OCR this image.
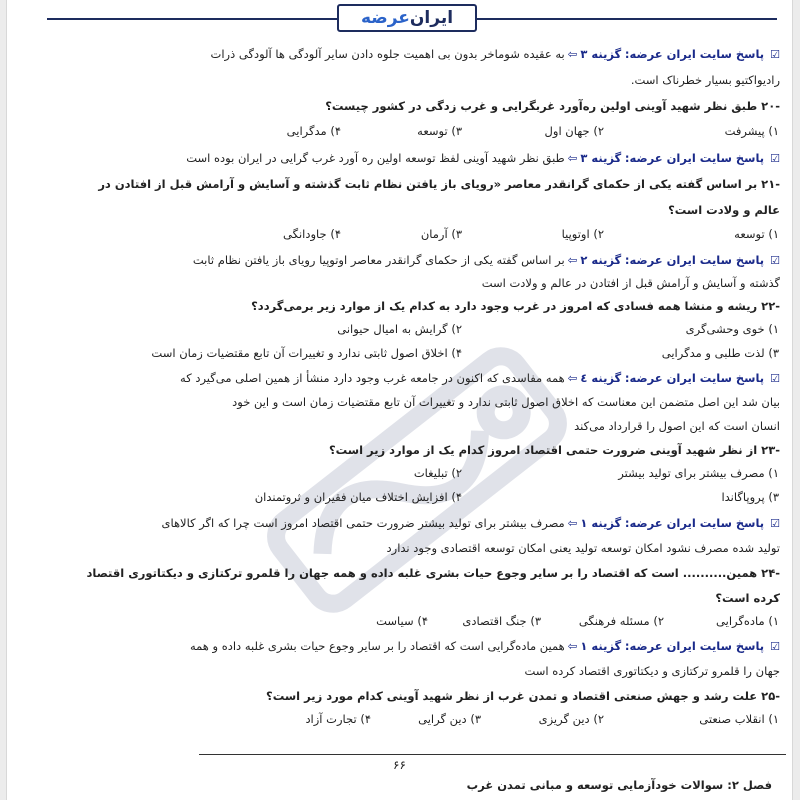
ایران
عرضه
☑پاسخ سایت ایران عرضه: گزینه ۳⇦به عقیده شوماخر بدون بی اهمیت جلوه دادن سایر آلودگی ها آلودگی ذرات
رادیواکتیو بسیار خطرناک است.
-۲۰ طبق نظر شهید آوینی اولین ره‌آورد غربگرایی و غرب زدگی در کشور چیست؟
۱) پیشرفت
۲) جهان اول
۳) توسعه
۴) مدگرایی
☑پاسخ سایت ایران عرضه: گزینه ۳⇦طبق نظر شهید آوینی لفظ توسعه اولین ره آورد غرب گرایی در ایران بوده است
-۲۱ بر اساس گفته یکی از حکمای گرانقدر معاصر «رویای باز یافتن نظام ثابت گذشته و آسایش و آرامش قبل از افتادن در
عالم و ولادت است؟
۱) توسعه
۲) اوتوپیا
۳) آرمان
۴) جاودانگی
☑پاسخ سایت ایران عرضه: گزینه ۲⇦بر اساس گفته یکی از حکمای گرانقدر معاصر اوتوپیا رویای باز یافتن نظام ثابت
گذشته و آسایش و آرامش قبل از افتادن در عالم و ولادت است
-۲۲ ریشه و منشا همه فسادی که امروز در غرب وجود دارد به کدام یک از موارد زیر برمی‌گردد؟
۱) خوی وحشی‌گری
۲) گرایش به امیال حیوانی
۳) لذت طلبی و مدگرایی
۴) اخلاق اصول ثابتی ندارد و تغییرات آن تابع مقتضیات زمان است
☑پاسخ سایت ایران عرضه: گزینه ٤⇦همه مفاسدی که اکنون در جامعه غرب وجود دارد منشأ از همین اصلی می‌گیرد که
بیان شد این اصل متضمن این معناست که اخلاق اصول ثابتی ندارد و تغییرات آن تابع مقتضیات زمان است و این خود
انسان است که این اصول را قرارداد می‌کند
-۲۳ از نظر شهید آوینی ضرورت حتمی اقتصاد امروز کدام یک از موارد زیر است؟
۱) مصرف بیشتر برای تولید بیشتر
۲) تبلیغات
۳) پروپاگاندا
۴) افزایش اختلاف میان فقیران و ثروتمندان
☑پاسخ سایت ایران عرضه: گزینه ۱⇦مصرف بیشتر برای تولید بیشتر ضرورت حتمی اقتصاد امروز است چرا که اگر کالاهای
تولید شده مصرف نشود امکان توسعه تولید یعنی امکان توسعه اقتصادی وجود ندارد
-۲۴ همین.......... است که اقتصاد را بر سایر وجوع حیات بشری غلبه داده و همه جهان را قلمرو ترکتازی و دیکتاتوری اقتصاد
کرده است؟
۱) ماده‌گرایی
۲) مسئله فرهنگی
۳) جنگ اقتصادی
۴) سیاست
☑پاسخ سایت ایران عرضه: گزینه ۱⇦همین ماده‌گرایی است که اقتصاد را بر سایر وجوع حیات بشری غلبه داده و همه
جهان را قلمرو ترکتازی و دیکتاتوری اقتصاد کرده است
-۲۵ علت رشد و جهش صنعتی اقتصاد و تمدن غرب از نظر شهید آوینی کدام مورد زیر است؟
۱) انقلاب صنعتی
۲) دین گریزی
۳) دین گرایی
۴) تجارت آزاد
۶۶
فصل ۲: سوالات خودآزمایی توسعه و مبانی تمدن غرب
